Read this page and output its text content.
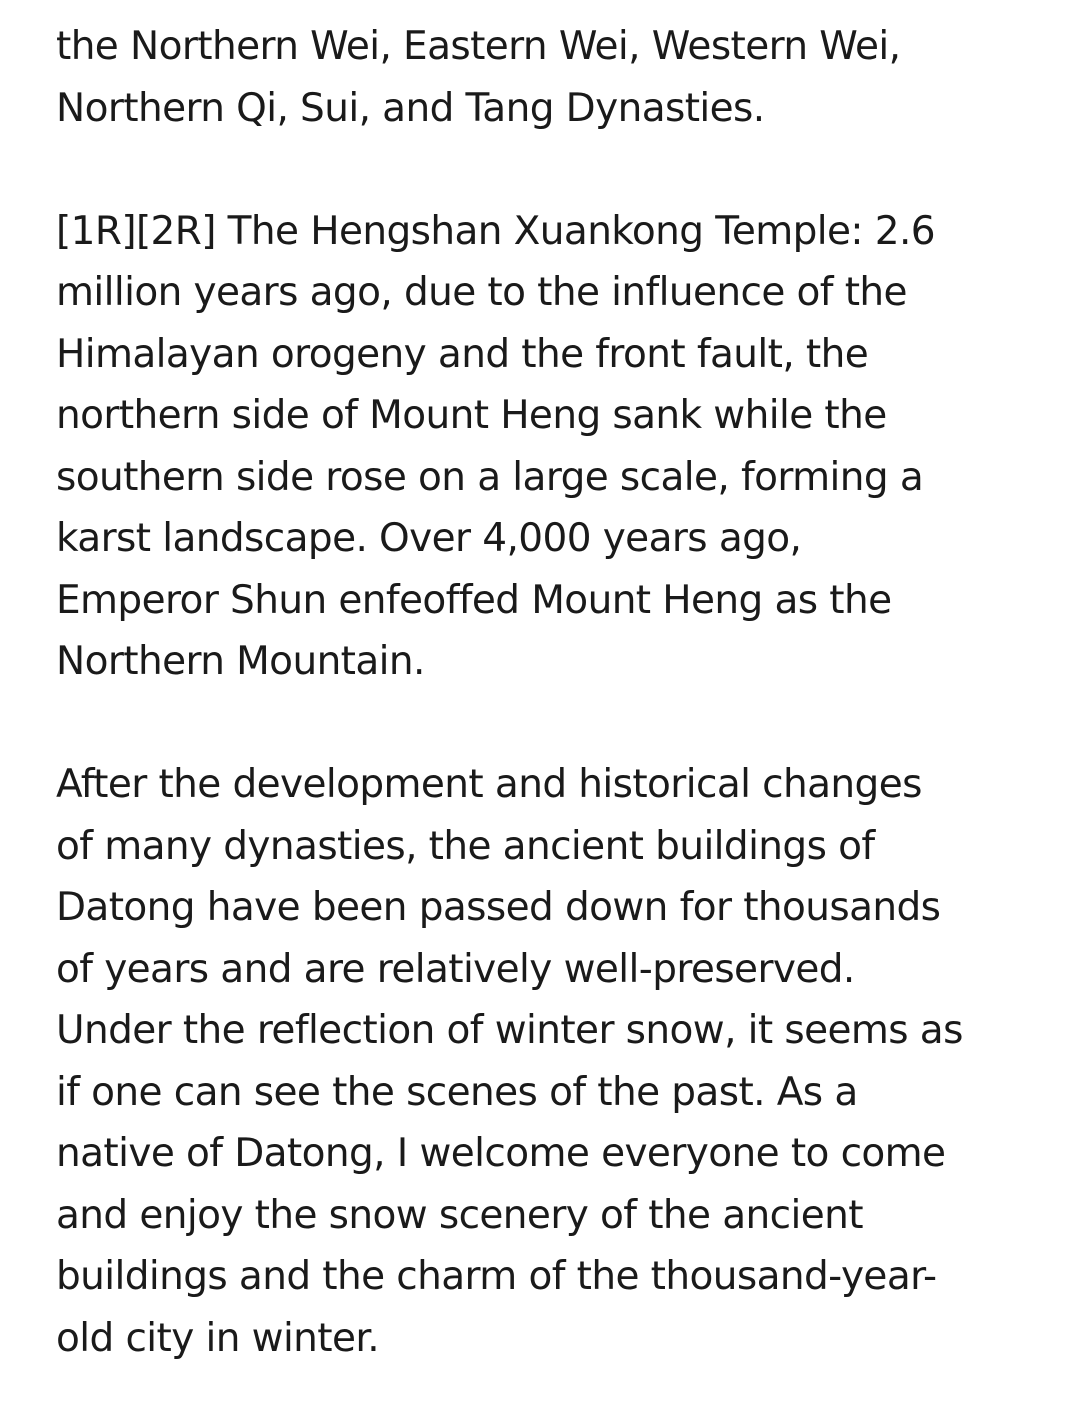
the Northern Wei, Eastern Wei, Western Wei,
Northern Qi, Sui, and Tang Dynasties.

[1R][2R] The Hengshan Xuankong Temple: 2.6
million years ago, due to the influence of the
Himalayan orogeny and the front fault, the
northern side of Mount Heng sank while the
southern side rose on a large scale, forming a
karst landscape. Over 4,000 years ago,
Emperor Shun enfeoffed Mount Heng as the
Northern Mountain.

After the development and historical changes
of many dynasties, the ancient buildings of
Datong have been passed down for thousands
of years and are relatively well-preserved.
Under the reflection of winter snow, it seems as
if one can see the scenes of the past. As a
native of Datong, I welcome everyone to come
and enjoy the snow scenery of the ancient
buildings and the charm of the thousand-year-
old city in winter.
